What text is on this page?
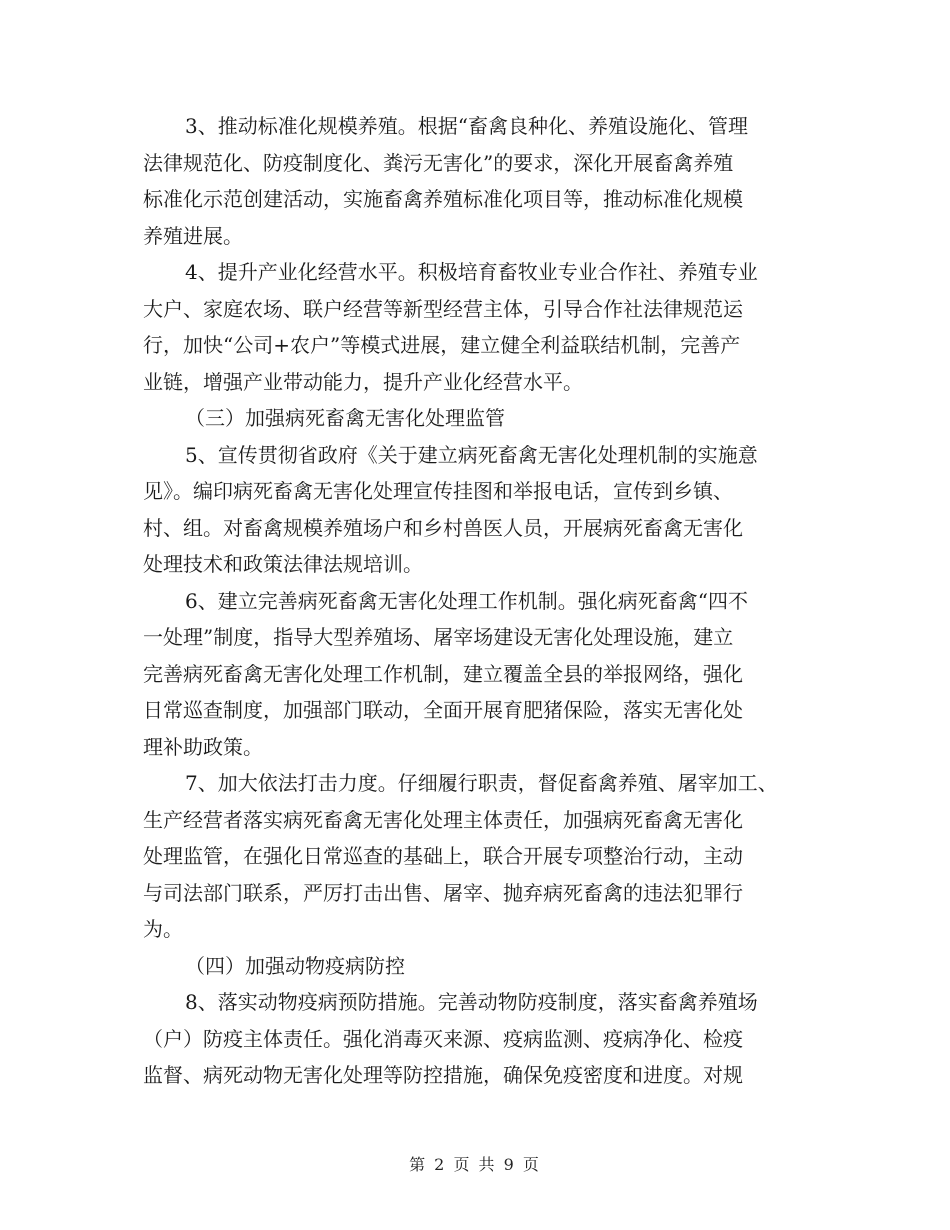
3、推动标准化规模养殖。根据“畜禽良种化、养殖设施化、管理
法律规范化、防疫制度化、粪污无害化”的要求，深化开展畜禽养殖
标准化示范创建活动，实施畜禽养殖标准化项目等，推动标准化规模
养殖进展。

4、提升产业化经营水平。积极培育畜牧业专业合作社、养殖专业
大户、家庭农场、联户经营等新型经营主体，引导合作社法律规范运
行，加快“公司+农户”等模式进展，建立健全利益联结机制，完善产
业链，增强产业带动能力，提升产业化经营水平。

（三）加强病死畜禽无害化处理监管

5、宣传贯彻省政府《关于建立病死畜禽无害化处理机制的实施意
见》。编印病死畜禽无害化处理宣传挂图和举报电话，宣传到乡镇、
村、组。对畜禽规模养殖场户和乡村兽医人员，开展病死畜禽无害化
处理技术和政策法律法规培训。

6、建立完善病死畜禽无害化处理工作机制。强化病死畜禽“四不
一处理”制度，指导大型养殖场、屠宰场建设无害化处理设施，建立
完善病死畜禽无害化处理工作机制，建立覆盖全县的举报网络，强化
日常巡查制度，加强部门联动，全面开展育肥猪保险，落实无害化处
理补助政策。

7、加大依法打击力度。仔细履行职责，督促畜禽养殖、屠宰加工、
生产经营者落实病死畜禽无害化处理主体责任，加强病死畜禽无害化
处理监管，在强化日常巡查的基础上，联合开展专项整治行动，主动
与司法部门联系，严厉打击出售、屠宰、抛弃病死畜禽的违法犯罪行
为。

（四）加强动物疫病防控

8、落实动物疫病预防措施。完善动物防疫制度，落实畜禽养殖场
（户）防疫主体责任。强化消毒灭来源、疫病监测、疫病净化、检疫
监督、病死动物无害化处理等防控措施，确保免疫密度和进度。对规

第 2 页 共 9 页
